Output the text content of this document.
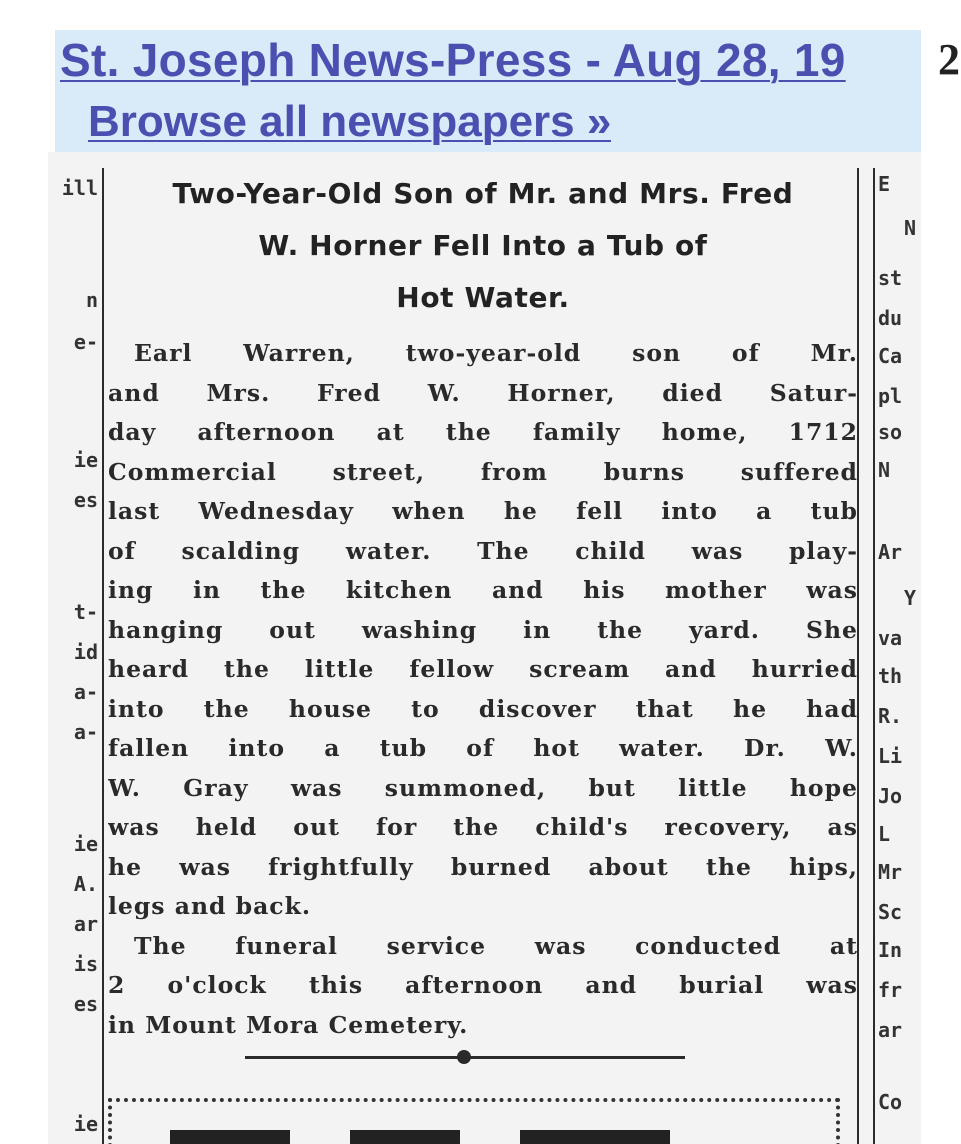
St. Joseph News-Press - Aug 28, 19
Browse all newspapers »
2
ill
n
e-
ie
es
t-
id
a-
a-
ie
A.
ar
is
es
ie
E
N
st
du
Ca
pl
so
N
Ar
Y
va
th
R.
Li
Jo
L
Mr
Sc
In
fr
ar
Co
Two-Year-Old Son of Mr. and Mrs. Fred
W. Horner Fell Into a Tub of
Hot Water.
Earl Warren, two-year-old son of Mr.
and Mrs. Fred W. Horner, died Satur-
day afternoon at the family home, 1712
Commercial street, from burns suffered
last Wednesday when he fell into a tub
of scalding water. The child was play-
ing in the kitchen and his mother was
hanging out washing in the yard. She
heard the little fellow scream and hurried
into the house to discover that he had
fallen into a tub of hot water. Dr. W.
W. Gray was summoned, but little hope
was held out for the child's recovery, as
he was frightfully burned about the hips,
legs and back.
The funeral service was conducted at
2 o'clock this afternoon and burial was
in Mount Mora Cemetery.
